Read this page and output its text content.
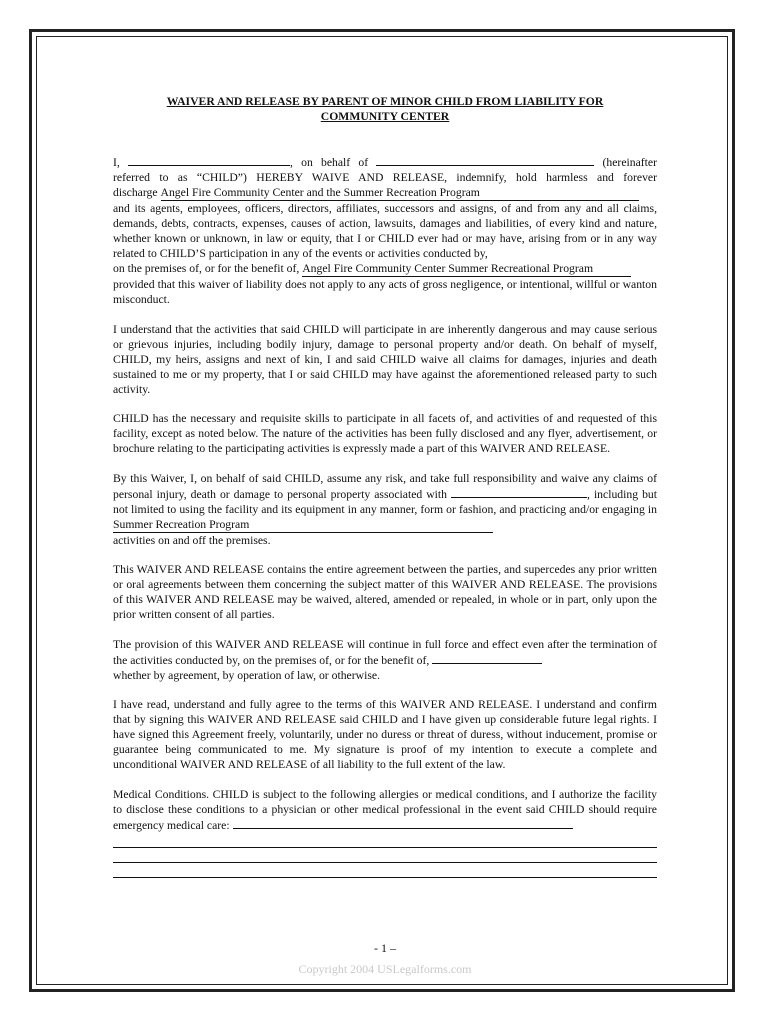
WAIVER AND RELEASE BY PARENT OF MINOR CHILD FROM LIABILITY FOR
COMMUNITY CENTER

I,	, on behalf of	(hereinafter

referred to as “CHILD”) HEREBY WAIVE AND RELEASE, indemnify, hold harmless and forever

discharge Angel Fire Community Center and the Summer Recreation Program

and its agents, employees, officers, directors, affiliates, successors and assigns, of and from any and all claims, demands, debts, contracts, expenses, causes of action, lawsuits, damages and liabilities, of every kind and nature, whether known or unknown, in law or equity, that I or CHILD ever had or may have, arising from or in any way related to CHILD’S participation in any of the events or activities conducted by,

on the premises of, or for the benefit of, Angel Fire Community Center Summer Recreational Program

provided that this waiver of liability does not apply to any acts of gross negligence, or intentional, willful or wanton misconduct.

I understand that the activities that said CHILD will participate in are inherently dangerous and may cause serious or grievous injuries, including bodily injury, damage to personal property and/or death. On behalf of myself, CHILD, my heirs, assigns and next of kin, I and said CHILD waive all claims for damages, injuries and death sustained to me or my property, that I or said CHILD may have against the aforementioned released party to such activity.

CHILD has the necessary and requisite skills to participate in all facets of, and activities of and requested of this facility, except as noted below. The nature of the activities has been fully disclosed and any flyer, advertisement, or brochure relating to the participating activities is expressly made a part of this WAIVER AND RELEASE.

By this Waiver, I, on behalf of said CHILD, assume any risk, and take full responsibility and waive any claims of personal injury, death or damage to personal property associated with	, including but not limited to using the facility and its equipment in any manner, form or fashion, and practicing and/or engaging in Summer Recreation Program

activities on and off the premises.

This WAIVER AND RELEASE contains the entire agreement between the parties, and supercedes any prior written or oral agreements between them concerning the subject matter of this WAIVER AND RELEASE. The provisions of this WAIVER AND RELEASE may be waived, altered, amended or repealed, in whole or in part, only upon the prior written consent of all parties.

The provision of this WAIVER AND RELEASE will continue in full force and effect even after the termination of the activities conducted by, on the premises of, or for the benefit of,

whether by agreement, by operation of law, or otherwise.

I have read, understand and fully agree to the terms of this WAIVER AND RELEASE. I understand and confirm that by signing this WAIVER AND RELEASE said CHILD and I have given up considerable future legal rights. I have signed this Agreement freely, voluntarily, under no duress or threat of duress, without inducement, promise or guarantee being communicated to me. My signature is proof of my intention to execute a complete and unconditional WAIVER AND RELEASE of all liability to the full extent of the law.

Medical Conditions. CHILD is subject to the following allergies or medical conditions, and I authorize the facility to disclose these conditions to a physician or other medical professional in the event said CHILD should require emergency medical care:

- 1 –
Copyright 2004 USLegalforms.com
